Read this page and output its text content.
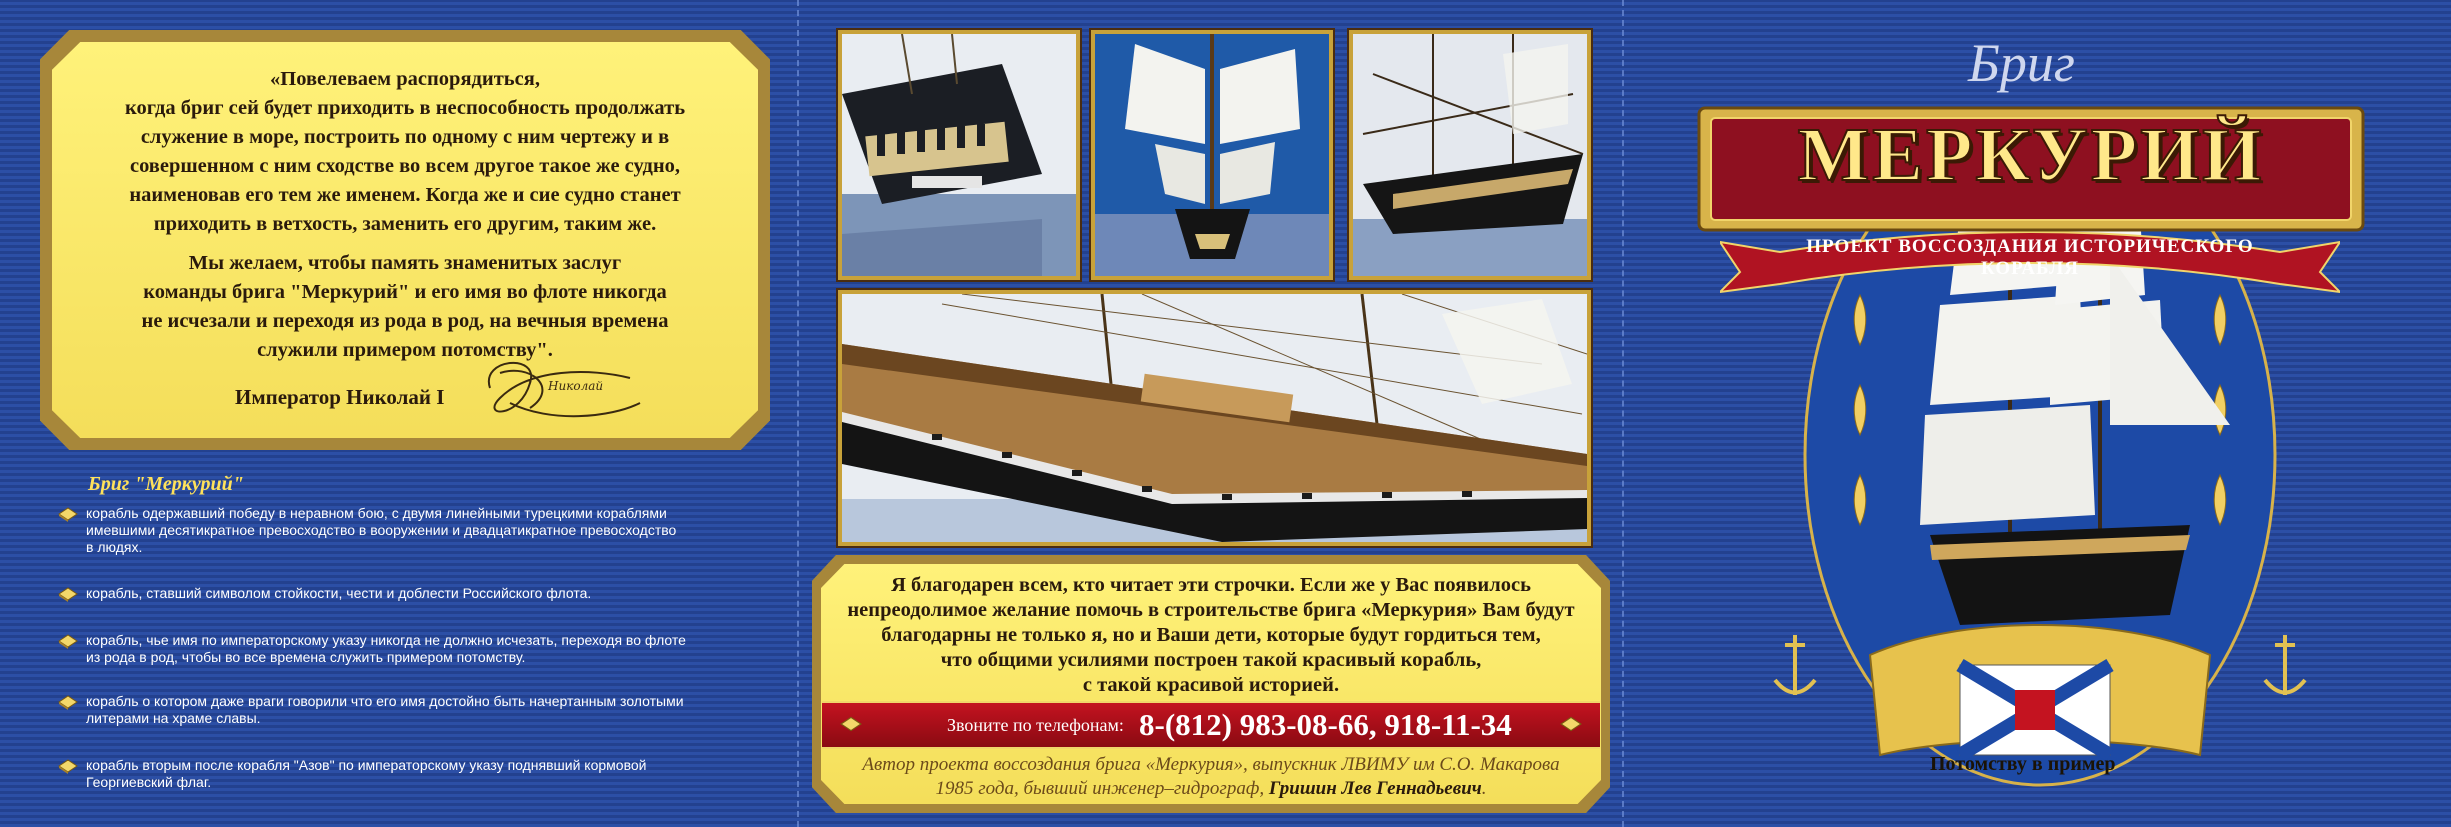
«Повелеваем распорядиться,
когда бриг сей будет приходить в неспособность продолжать
служение в море, построить по одному с ним чертежу и в
совершенном с ним сходстве во всем другое такое же судно,
наименовав его тем же именем. Когда же и сие судно станет
приходить в ветхость, заменить его другим, таким же.

Мы желаем, чтобы память знаменитых заслуг
команды брига "Меркурий" и его имя во флоте никогда
не исчезали и переходя из рода в род, на вечныя времена
служили примером потомству".

Император Николай I	Николай
Бриг "Меркурий"
корабль одержавший победу в неравном бою, с двумя линейными турецкими кораблями
имевшими десятикратное превосходство в вооружении и двадцатикратное превосходство
в людях.
корабль, ставший символом стойкости, чести и доблести Российского флота.
корабль, чье имя по императорскому указу никогда не должно исчезать, переходя во флоте
из рода в род, чтобы во все времена служить примером потомству.
корабль о котором даже враги говорили что его имя достойно быть начертанным золотыми
литерами на храме славы.
корабль вторым после корабля "Азов" по императорскому указу поднявший кормовой
Георгиевский флаг.
Я благодарен всем, кто читает эти строчки. Если же у Вас появилось
непреодолимое желание помочь в строительстве брига «Меркурия» Вам будут
благодарны не только я, но и Ваши дети, которые будут гордиться тем,
что общими усилиями построен такой красивый корабль,
с такой красивой историей.
Звоните по телефонам: 8-(812) 983-08-66, 918-11-34
Автор проекта воссоздания брига «Меркурия», выпускник ЛВИМУ им С.О. Макарова
1985 года, бывший инженер–гидрограф, Гришин Лев Геннадьевич.
Бриг
ПРОЕКТ ВОССОЗДАНИЯ ИСТОРИЧЕСКОГО КОРАБЛЯ
МЕРКУРИЙ
Потомству в пример
